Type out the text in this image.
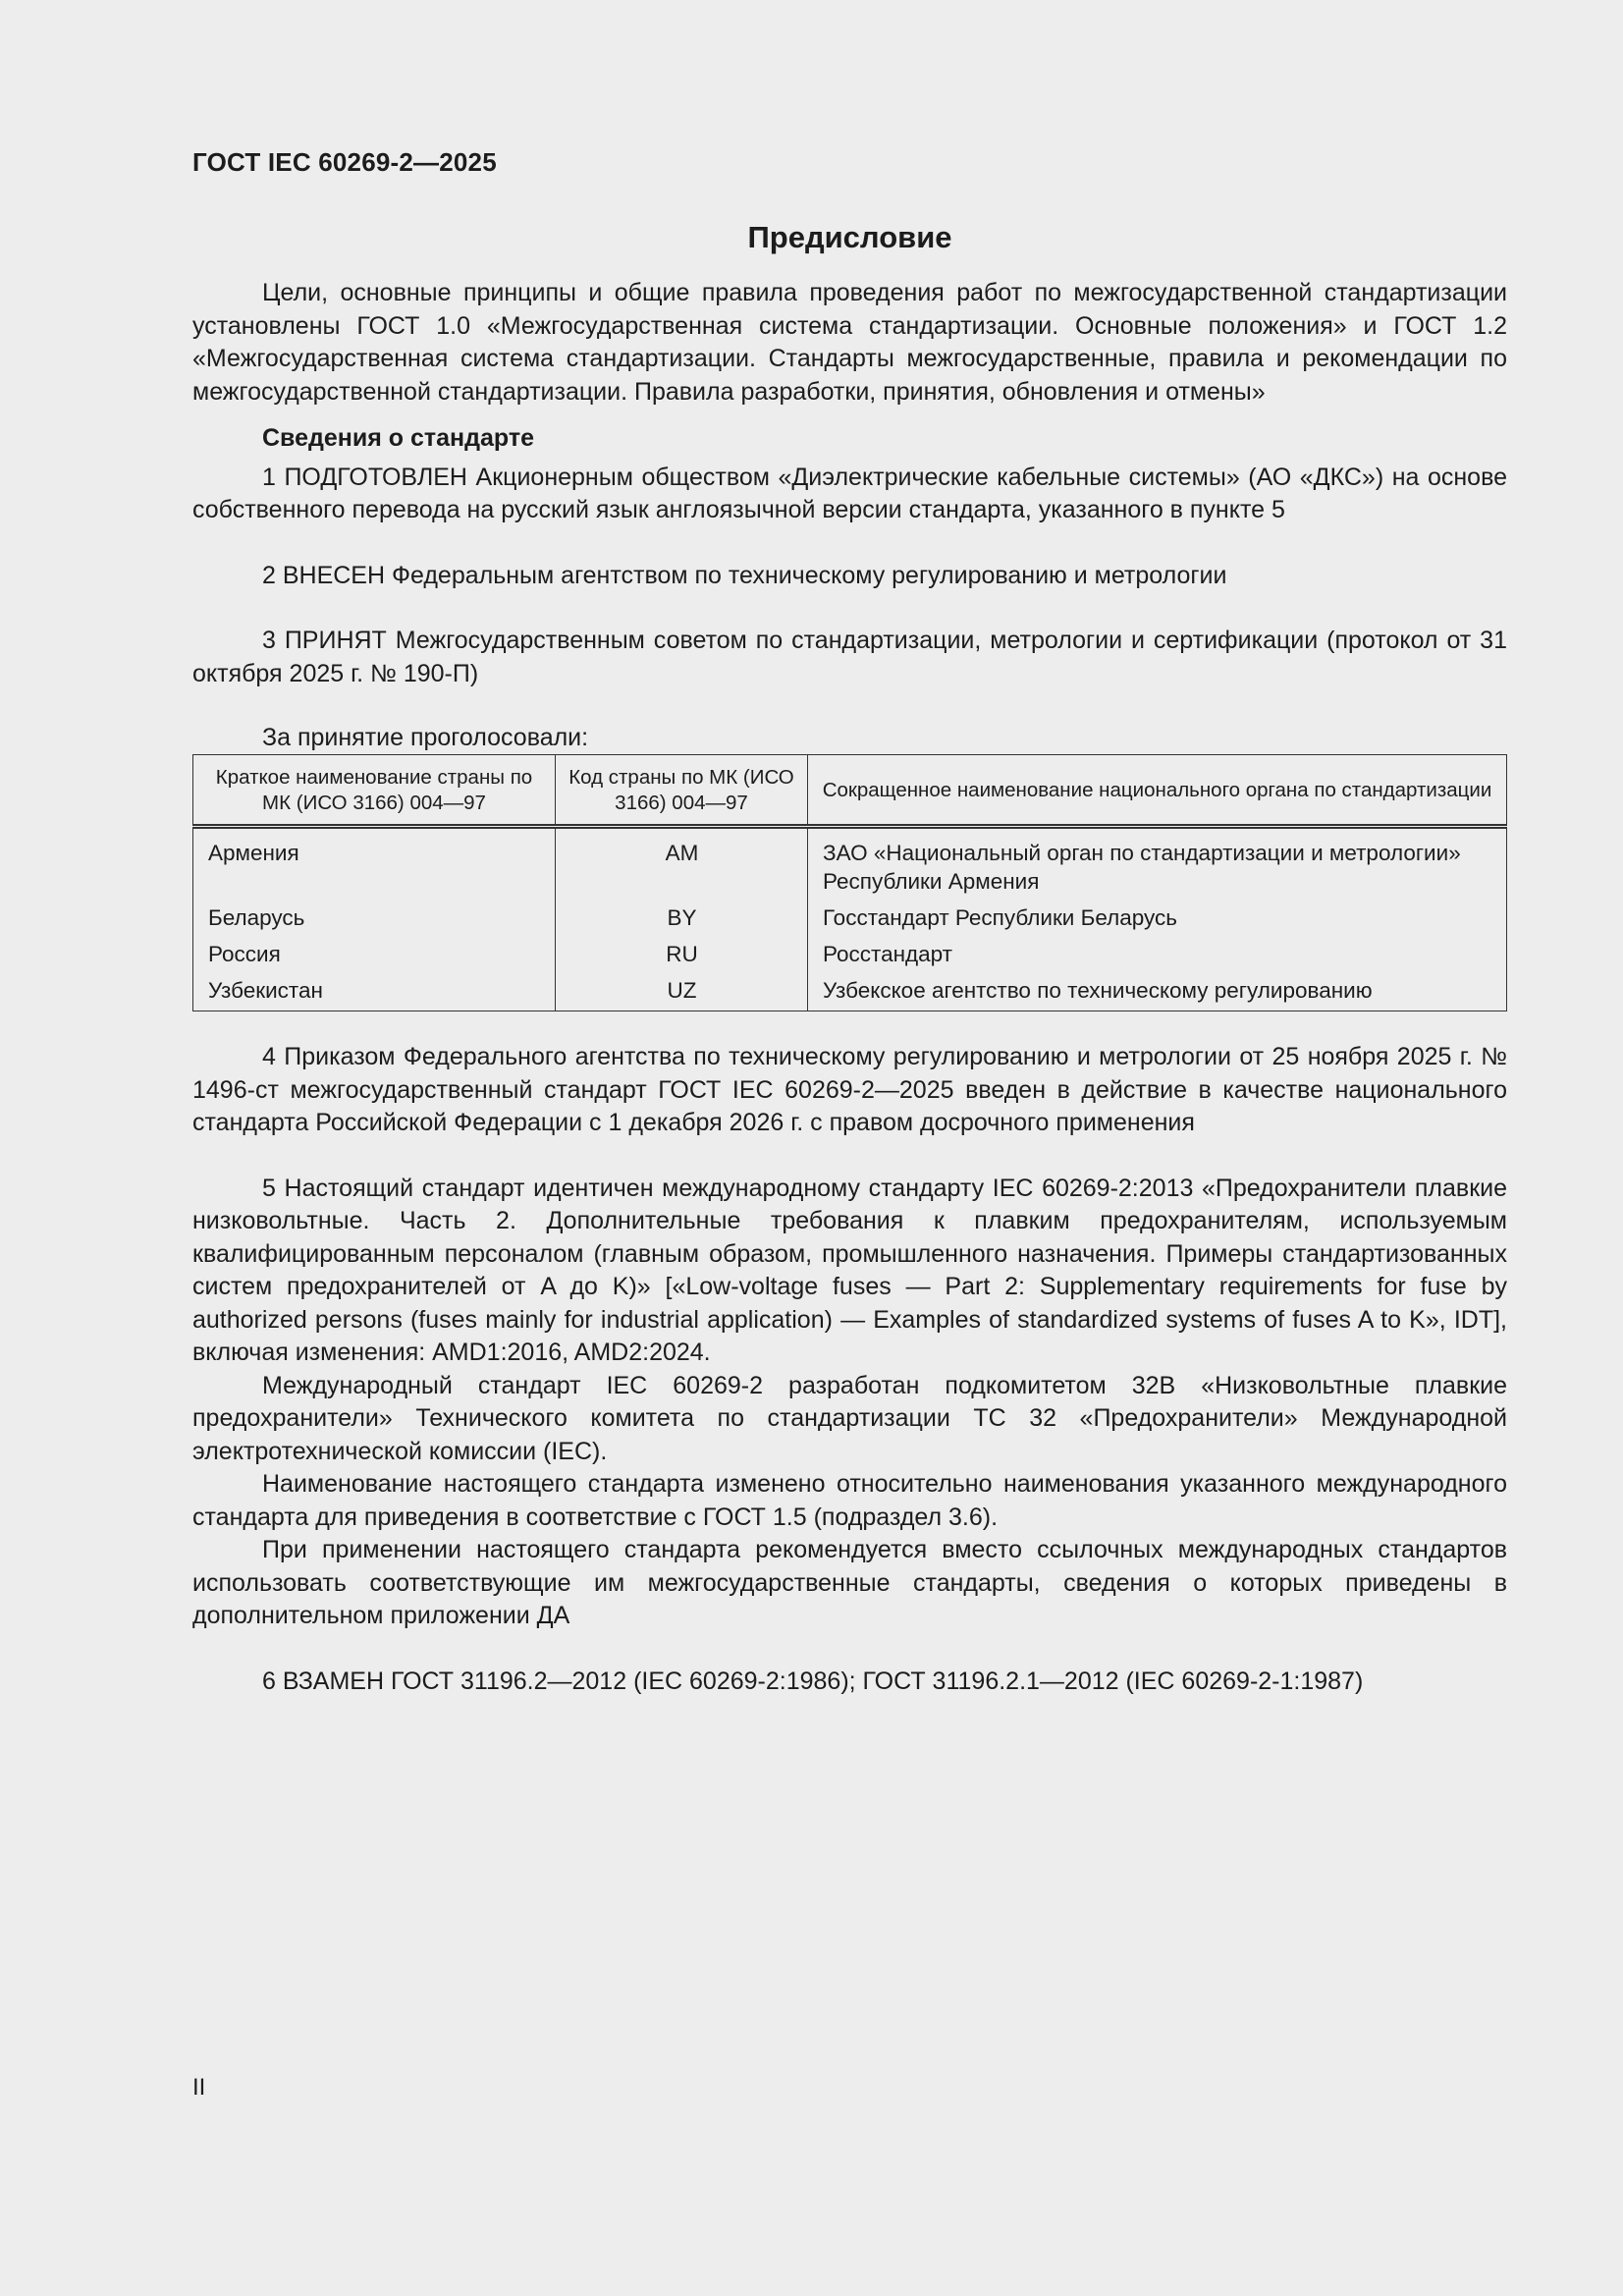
ГОСТ IEC 60269-2—2025
Предисловие

Цели, основные принципы и общие правила проведения работ по межгосударственной стандартизации установлены ГОСТ 1.0 «Межгосударственная система стандартизации. Основные положения» и ГОСТ 1.2 «Межгосударственная система стандартизации. Стандарты межгосударственные, правила и рекомендации по межгосударственной стандартизации. Правила разработки, принятия, обновления и отмены»

Сведения о стандарте

1 ПОДГОТОВЛЕН Акционерным обществом «Диэлектрические кабельные системы» (АО «ДКС») на основе собственного перевода на русский язык англоязычной версии стандарта, указанного в пункте 5

2 ВНЕСЕН Федеральным агентством по техническому регулированию и метрологии

3 ПРИНЯТ Межгосударственным советом по стандартизации, метрологии и сертификации (протокол от 31 октября 2025 г. № 190-П)

За принятие проголосовали:

Краткое наименование страны по МК (ИСО 3166) 004—97	Код страны по МК (ИСО 3166) 004—97	Сокращенное наименование национального органа по стандартизации
Армения	AM	ЗАО «Национальный орган по стандартизации и метрологии» Республики Армения
Беларусь	BY	Госстандарт Республики Беларусь
Россия	RU	Росстандарт
Узбекистан	UZ	Узбекское агентство по техническому регулированию

4 Приказом Федерального агентства по техническому регулированию и метрологии от 25 ноября 2025 г. № 1496-ст межгосударственный стандарт ГОСТ IEC 60269-2—2025 введен в действие в качестве национального стандарта Российской Федерации с 1 декабря 2026 г. с правом досрочного применения

5 Настоящий стандарт идентичен международному стандарту IEC 60269-2:2013 «Предохранители плавкие низковольтные. Часть 2. Дополнительные требования к плавким предохранителям, используемым квалифицированным персоналом (главным образом, промышленного назначения. Примеры стандартизованных систем предохранителей от A до K)» [«Low-voltage fuses — Part 2: Supplementary requirements for fuse by authorized persons (fuses mainly for industrial application) — Examples of standardized systems of fuses A to K», IDT], включая изменения: AMD1:2016, AMD2:2024.

Международный стандарт IEC 60269-2 разработан подкомитетом 32В «Низковольтные плавкие предохранители» Технического комитета по стандартизации TC 32 «Предохранители» Международной электротехнической комиссии (IEC).

Наименование настоящего стандарта изменено относительно наименования указанного международного стандарта для приведения в соответствие с ГОСТ 1.5 (подраздел 3.6).

При применении настоящего стандарта рекомендуется вместо ссылочных международных стандартов использовать соответствующие им межгосударственные стандарты, сведения о которых приведены в дополнительном приложении ДА

6 ВЗАМЕН ГОСТ 31196.2—2012 (IEC 60269-2:1986); ГОСТ 31196.2.1—2012 (IEC 60269-2-1:1987)

II
